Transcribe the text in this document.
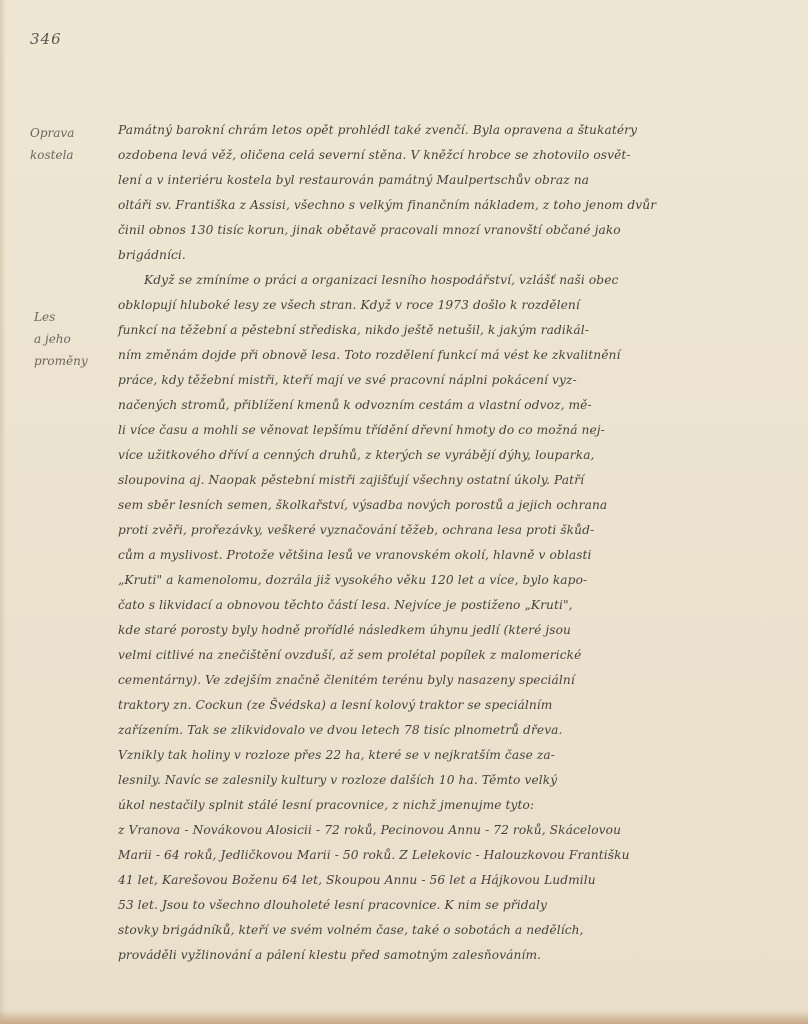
346
Oprava
kostela
Les
a jeho
proměny
Památný barokní chrám letos opět prohlédl také zvenčí. Byla opravena a štukatéry
ozdobena levá věž, oličena celá severní stěna. V kněžcí hrobce se zhotovilo osvět-
lení a v interiéru kostela byl restaurován památný Maulpertschův obraz na
oltáři sv. Františka z Assisi, všechno s velkým finančním nákladem, z toho jenom dvůr
činil obnos 130 tisíc korun, jinak obětavě pracovali mnozí vranovští občané jako
brigádníci.
Když se zmíníme o práci a organizaci lesního hospodářství, vzlášť naši obec
obklopují hluboké lesy ze všech stran. Když v roce 1973 došlo k rozdělení
funkcí na těžební a pěstební střediska, nikdo ještě netušil, k jakým radikál-
ním změnám dojde při obnově lesa. Toto rozdělení funkcí má vést ke zkvalitnění
práce, kdy těžební mistři, kteří mají ve své pracovní náplni pokácení vyz-
načených stromů, přiblížení kmenů k odvozním cestám a vlastní odvoz, mě-
li více času a mohli se věnovat lepšímu třídění dřevní hmoty do co možná nej-
více užitkového dříví a cenných druhů, z kterých se vyrábějí dýhy, louparka,
sloupovina aj. Naopak pěstební mistři zajišťují všechny ostatní úkoly. Patří
sem sběr lesních semen, školkařství, výsadba nových porostů a jejich ochrana
proti zvěři, prořezávky, veškeré vyznačování těžeb, ochrana lesa proti škůd-
cům a myslivost. Protože většina lesů ve vranovském okolí, hlavně v oblasti
„Kruti" a kamenolomu, dozrála již vysokého věku 120 let a více, bylo kapo-
čato s likvidací a obnovou těchto částí lesa. Nejvíce je postiženo „Kruti",
kde staré porosty byly hodně prořídlé následkem úhynu jedlí (které jsou
velmi citlivé na znečištění ovzduší, až sem prolétal popílek z malomerické
cementárny). Ve zdejším značně členitém terénu byly nasazeny speciální
traktory zn. Cockun (ze Švédska) a lesní kolový traktor se speciálním
zařízením. Tak se zlikvidovalo ve dvou letech 78 tisíc plnometrů dřeva.
Vznikly tak holiny v rozloze přes 22 ha, které se v nejkratším čase za-
lesnily. Navíc se zalesnily kultury v rozloze dalších 10 ha. Těmto velký
úkol nestačily splnit stálé lesní pracovnice, z nichž jmenujme tyto:
z Vranova - Novákovou Alosicii - 72 roků, Pecinovou Annu - 72 roků, Skácelovou
Marii - 64 roků, Jedličkovou Marii - 50 roků. Z Lelekovic - Halouzkovou Františku
41 let, Karešovou Boženu 64 let, Skoupou Annu - 56 let a Hájkovou Ludmilu
53 let. Jsou to všechno dlouholeté lesní pracovnice. K nim se přidaly
stovky brigádníků, kteří ve svém volném čase, také o sobotách a nedělích,
prováděli vyžlinování a pálení klestu před samotným zalesňováním.
